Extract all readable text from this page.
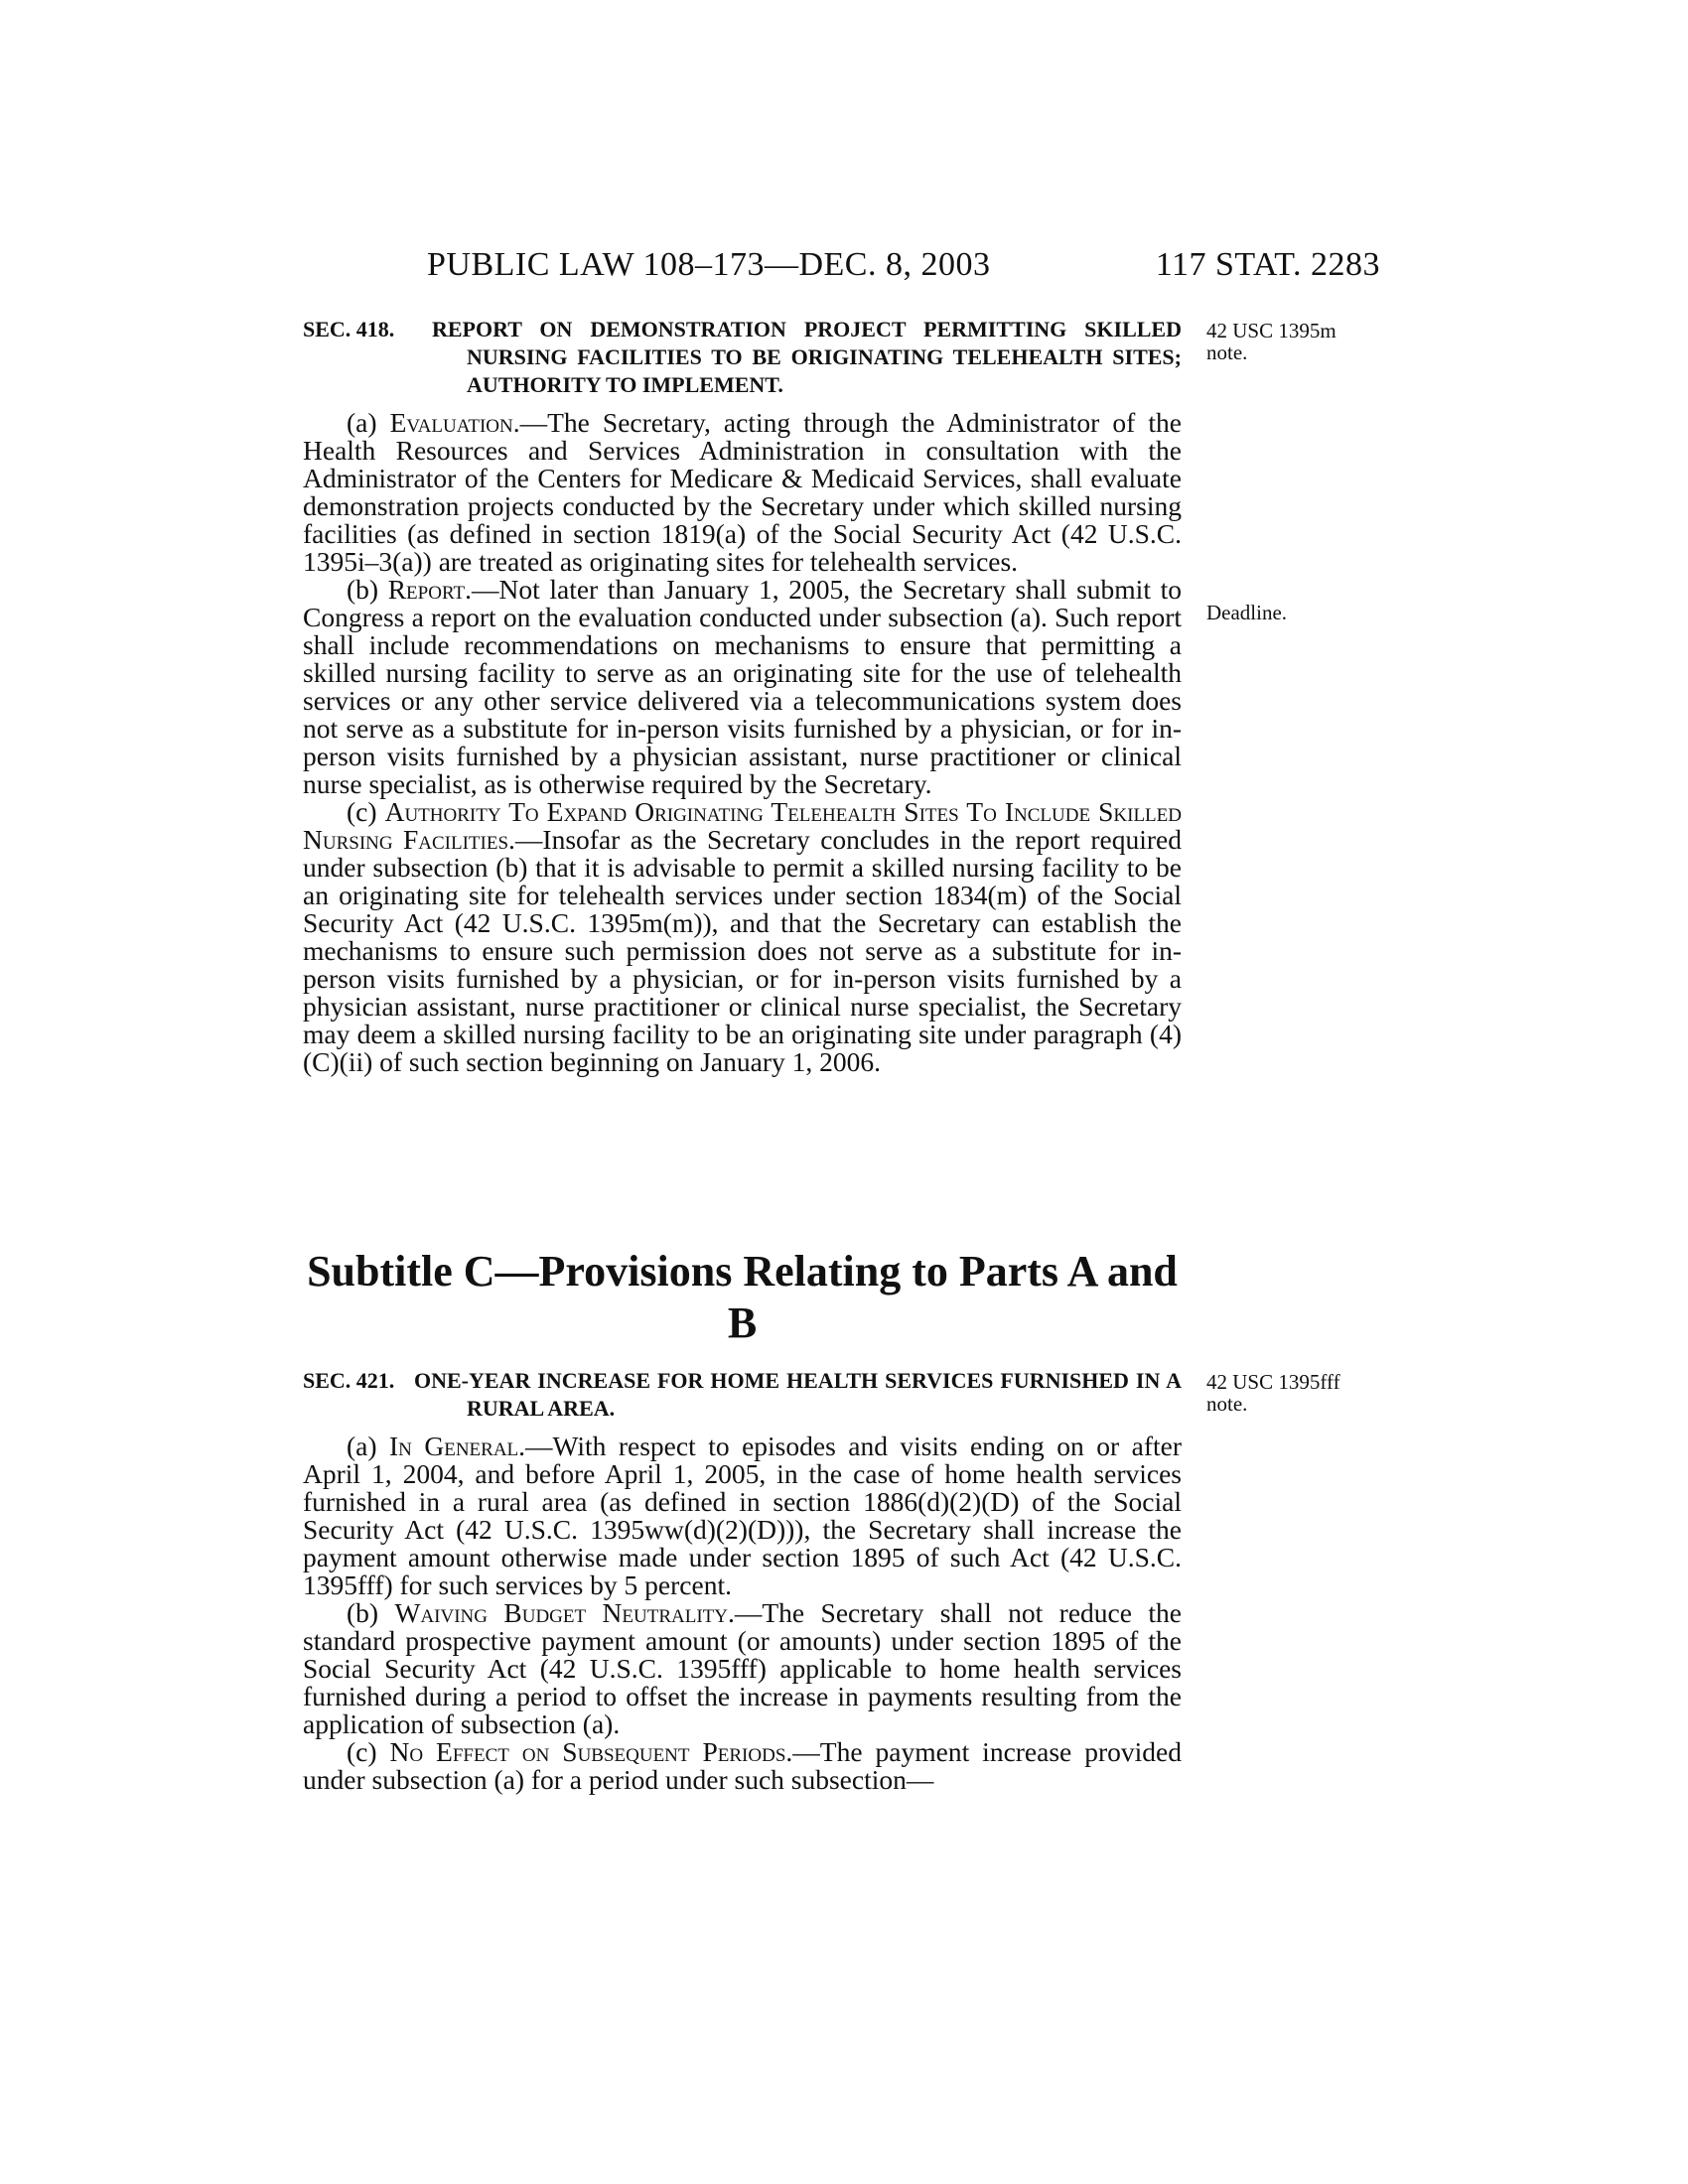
PUBLIC LAW 108–173—DEC. 8, 2003	117 STAT. 2283

SEC. 418. REPORT ON DEMONSTRATION PROJECT PERMITTING SKILLED NURSING FACILITIES TO BE ORIGINATING TELEHEALTH SITES; AUTHORITY TO IMPLEMENT.

(a) Evaluation.—The Secretary, acting through the Administrator of the Health Resources and Services Administration in consultation with the Administrator of the Centers for Medicare & Medicaid Services, shall evaluate demonstration projects conducted by the Secretary under which skilled nursing facilities (as defined in section 1819(a) of the Social Security Act (42 U.S.C. 1395i–3(a)) are treated as originating sites for telehealth services.

(b) Report.—Not later than January 1, 2005, the Secretary shall submit to Congress a report on the evaluation conducted under subsection (a). Such report shall include recommendations on mechanisms to ensure that permitting a skilled nursing facility to serve as an originating site for the use of telehealth services or any other service delivered via a telecommunications system does not serve as a substitute for in-person visits furnished by a physician, or for in-person visits furnished by a physician assistant, nurse practitioner or clinical nurse specialist, as is otherwise required by the Secretary.

(c) Authority To Expand Originating Telehealth Sites To Include Skilled Nursing Facilities.—Insofar as the Secretary concludes in the report required under subsection (b) that it is advisable to permit a skilled nursing facility to be an originating site for telehealth services under section 1834(m) of the Social Security Act (42 U.S.C. 1395m(m)), and that the Secretary can establish the mechanisms to ensure such permission does not serve as a substitute for in-person visits furnished by a physician, or for in-person visits furnished by a physician assistant, nurse practitioner or clinical nurse specialist, the Secretary may deem a skilled nursing facility to be an originating site under paragraph (4)(C)(ii) of such section beginning on January 1, 2006.

42 USC 1395m note.
Deadline.
Subtitle C—Provisions Relating to Parts A and B

SEC. 421. ONE-YEAR INCREASE FOR HOME HEALTH SERVICES FURNISHED IN A RURAL AREA.

(a) In General.—With respect to episodes and visits ending on or after April 1, 2004, and before April 1, 2005, in the case of home health services furnished in a rural area (as defined in section 1886(d)(2)(D) of the Social Security Act (42 U.S.C. 1395ww(d)(2)(D))), the Secretary shall increase the payment amount otherwise made under section 1895 of such Act (42 U.S.C. 1395fff) for such services by 5 percent.

(b) Waiving Budget Neutrality.—The Secretary shall not reduce the standard prospective payment amount (or amounts) under section 1895 of the Social Security Act (42 U.S.C. 1395fff) applicable to home health services furnished during a period to offset the increase in payments resulting from the application of subsection (a).

(c) No Effect on Subsequent Periods.—The payment increase provided under subsection (a) for a period under such subsection—

42 USC 1395fff note.
